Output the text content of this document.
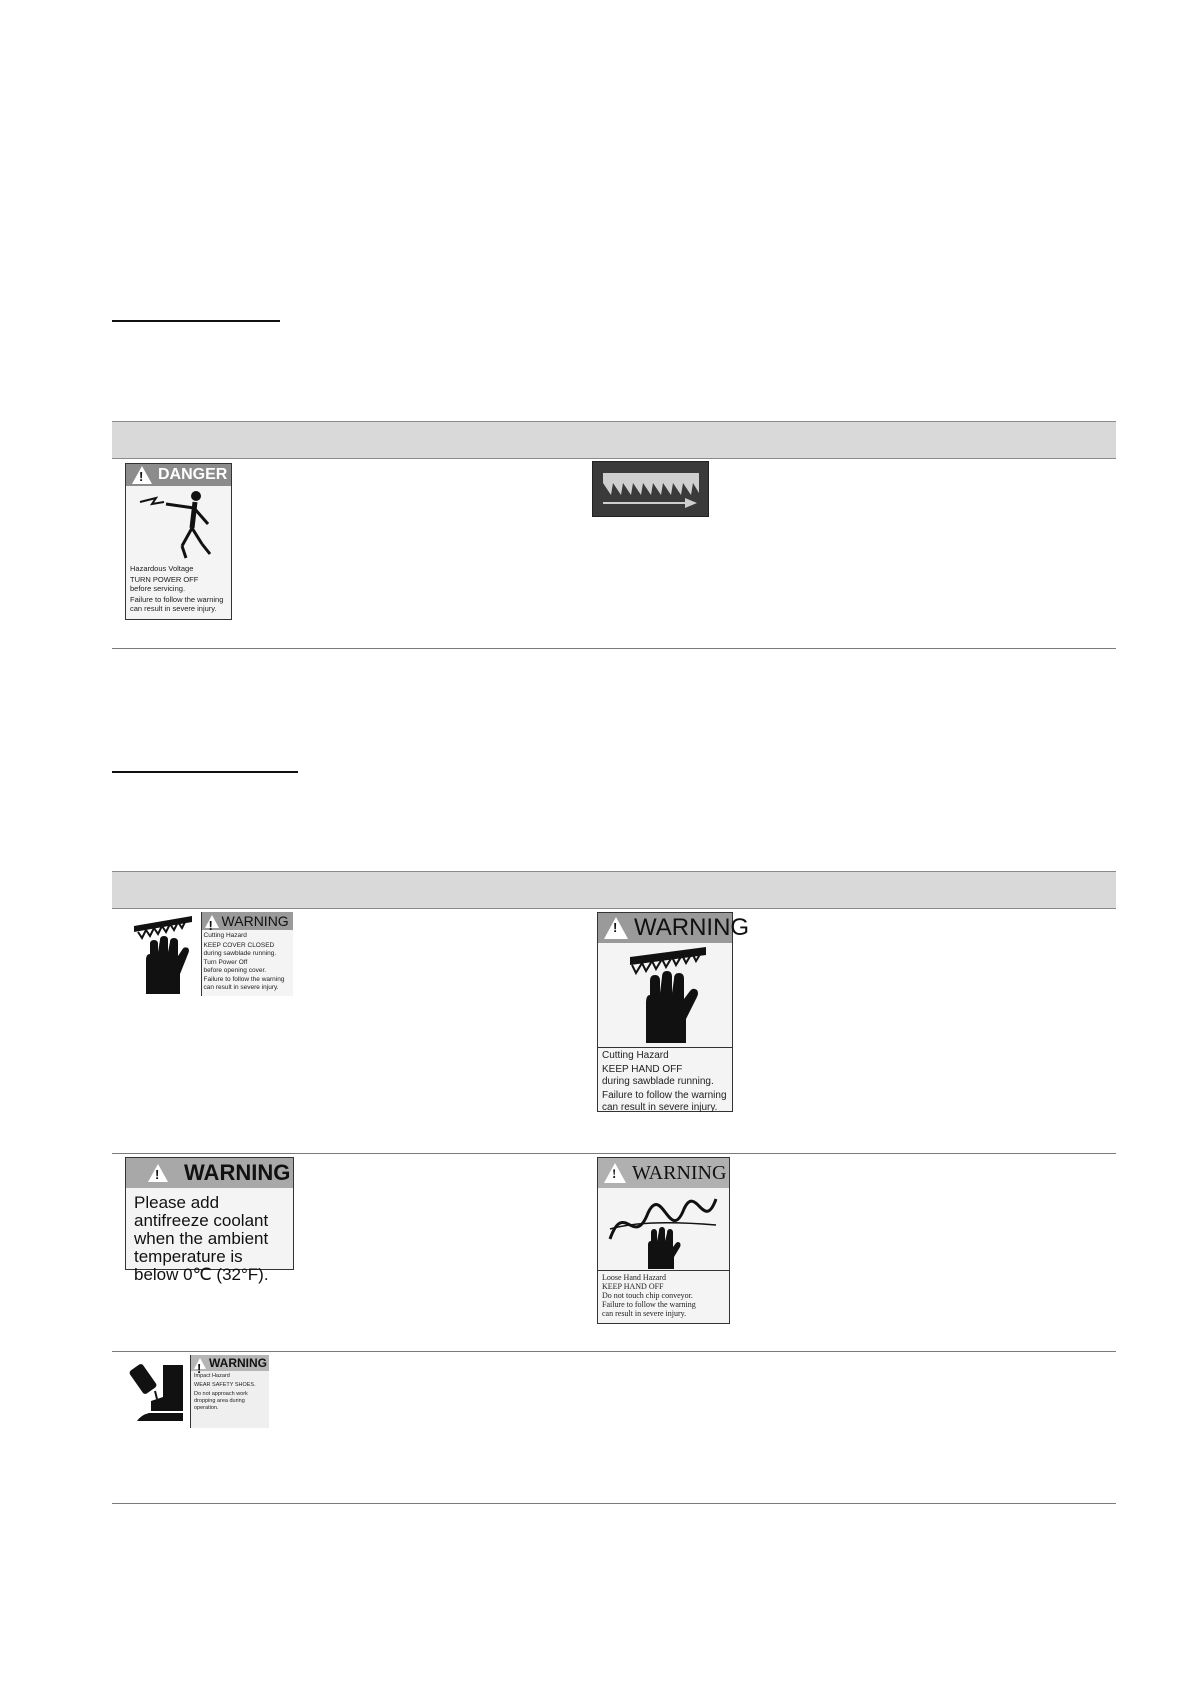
!
DANGER
Hazardous Voltage
TURN POWER OFF
before servicing.
Failure to follow the warning
can result in severe injury.
!
WARNING
Cutting Hazard
KEEP COVER CLOSED
during sawblade running.
Turn Power Off
before opening cover.
Failure to follow the warning
can result in severe injury.
!
WARNING
Cutting Hazard
KEEP HAND OFF
during sawblade running.
Failure to follow the warning
can result in severe injury.
!
WARNING
Please add antifreeze coolant when the ambient temperature is below 0℃ (32°F).
!
WARNING
Loose Hand Hazard
KEEP HAND OFF
Do not touch chip conveyor.
Failure to follow the warning
can result in severe injury.
!
WARNING
Impact Hazard
WEAR SAFETY SHOES.
Do not approach work dropping area during operation.
